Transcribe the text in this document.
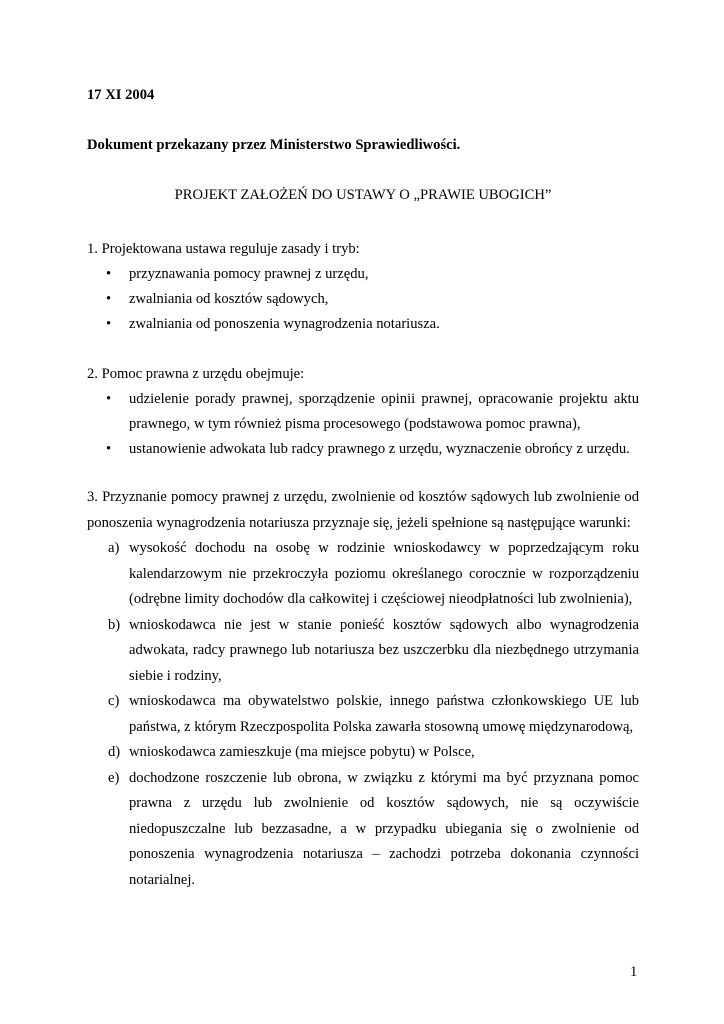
17 XI 2004
Dokument przekazany przez Ministerstwo Sprawiedliwości.
PROJEKT ZAŁOŻEŃ DO USTAWY O „PRAWIE UBOGICH”
1. Projektowana ustawa reguluje zasady i tryb:
• przyznawania pomocy prawnej z urzędu,
• zwalniania od kosztów sądowych,
• zwalniania od ponoszenia wynagrodzenia notariusza.
2. Pomoc prawna z urzędu obejmuje:
• udzielenie porady prawnej, sporządzenie opinii prawnej, opracowanie projektu aktu prawnego, w tym również pisma procesowego (podstawowa pomoc prawna),
• ustanowienie adwokata lub radcy prawnego z urzędu, wyznaczenie obrońcy z urzędu.
3. Przyznanie pomocy prawnej z urzędu, zwolnienie od kosztów sądowych lub zwolnienie od ponoszenia wynagrodzenia notariusza przyznaje się, jeżeli spełnione są następujące warunki:
a) wysokość dochodu na osobę w rodzinie wnioskodawcy w poprzedzającym roku kalendarzowym nie przekroczyła poziomu określanego corocznie w rozporządzeniu (odrębne limity dochodów dla całkowitej i częściowej nieodpłatności lub zwolnienia),
b) wnioskodawca nie jest w stanie ponieść kosztów sądowych albo wynagrodzenia adwokata, radcy prawnego lub notariusza bez uszczerbku dla niezbędnego utrzymania siebie i rodziny,
c) wnioskodawca ma obywatelstwo polskie, innego państwa członkowskiego UE lub państwa, z którym Rzeczpospolita Polska zawarła stosowną umowę międzynarodową,
d) wnioskodawca zamieszkuje (ma miejsce pobytu) w Polsce,
e) dochodzone roszczenie lub obrona, w związku z którymi ma być przyznana pomoc prawna z urzędu lub zwolnienie od kosztów sądowych, nie są oczywiście niedopuszczalne lub bezzasadne, a w przypadku ubiegania się o zwolnienie od ponoszenia wynagrodzenia notariusza – zachodzi potrzeba dokonania czynności notarialnej.
1
